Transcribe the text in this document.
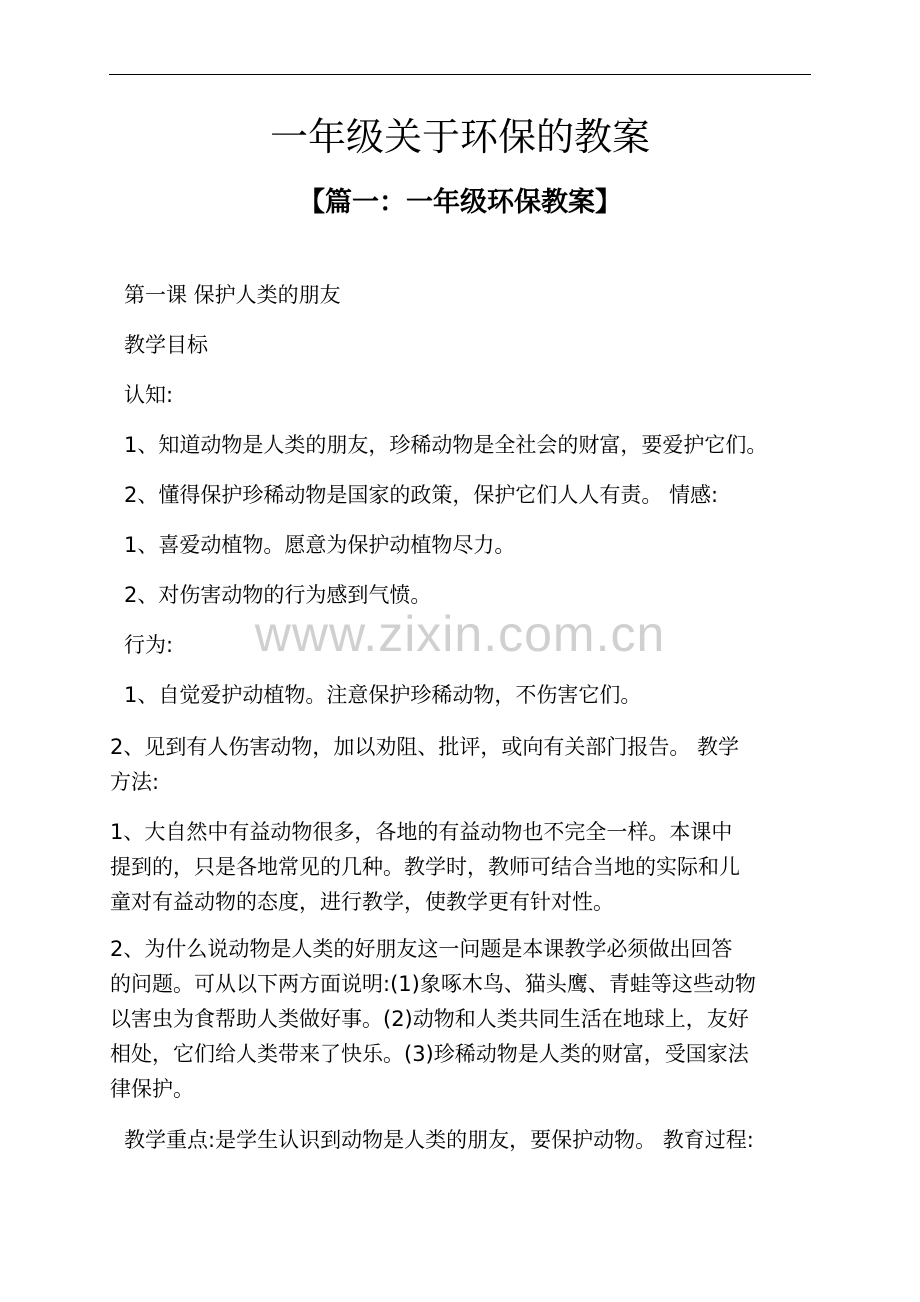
一年级关于环保的教案
【篇一：一年级环保教案】
第一课 保护人类的朋友
教学目标
认知:
1、知道动物是人类的朋友，珍稀动物是全社会的财富，要爱护它们。
2、懂得保护珍稀动物是国家的政策，保护它们人人有责。 情感:
1、喜爱动植物。愿意为保护动植物尽力。
2、对伤害动物的行为感到气愤。
行为:
1、自觉爱护动植物。注意保护珍稀动物，不伤害它们。
2、见到有人伤害动物，加以劝阻、批评，或向有关部门报告。 教学
方法:
1、大自然中有益动物很多，各地的有益动物也不完全一样。本课中
提到的，只是各地常见的几种。教学时，教师可结合当地的实际和儿
童对有益动物的态度，进行教学，使教学更有针对性。
2、为什么说动物是人类的好朋友这一问题是本课教学必须做出回答
的问题。可从以下两方面说明:(1)象啄木鸟、猫头鹰、青蛙等这些动物
以害虫为食帮助人类做好事。(2)动物和人类共同生活在地球上，友好
相处，它们给人类带来了快乐。(3)珍稀动物是人类的财富，受国家法
律保护。
教学重点:是学生认识到动物是人类的朋友，要保护动物。 教育过程:
www.zixin.com.cn
